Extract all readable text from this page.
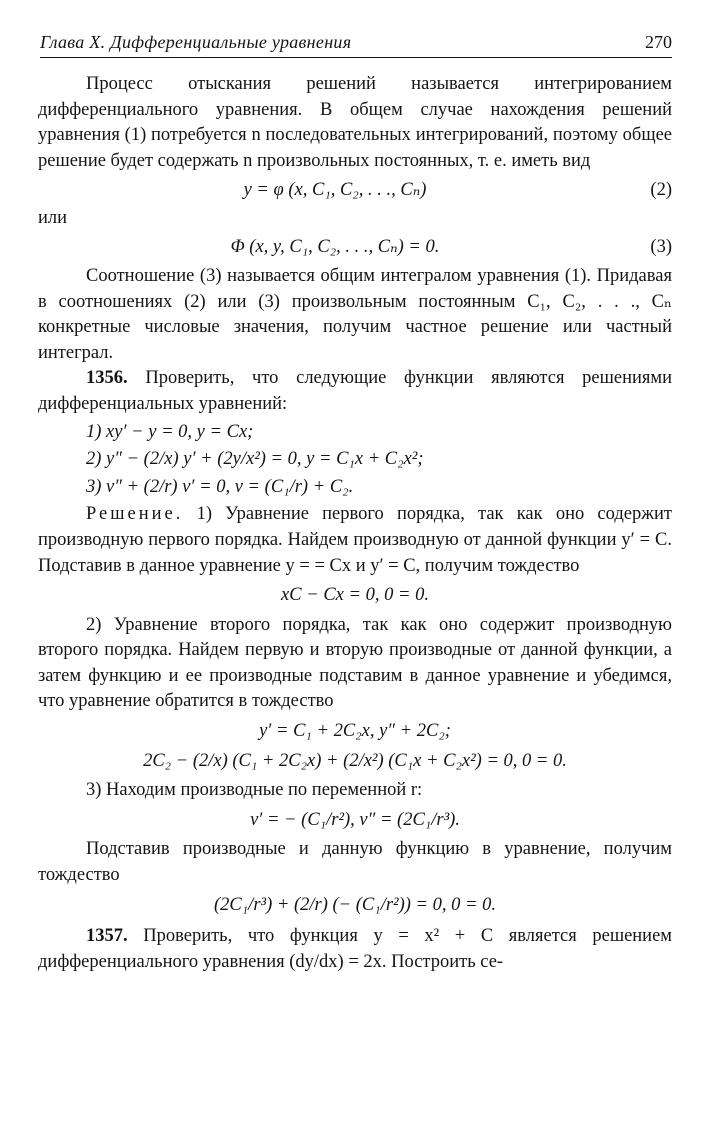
Глава X. Дифференциальные уравнения	270

Процесс отыскания решений называется интегрированием дифференциального уравнения. В общем случае нахождения решений уравнения (1) потребуется n последовательных интегрирований, поэтому общее решение будет содержать n произвольных постоянных, т. е. иметь вид

y = φ (x, C₁, C₂, . . ., Cₙ)	(2)

или

Φ (x, y, C₁, C₂, . . ., Cₙ) = 0.	(3)

Соотношение (3) называется общим интегралом уравнения (1). Придавая в соотношениях (2) или (3) произвольным постоянным C₁, C₂, . . ., Cₙ конкретные числовые значения, получим частное решение или частный интеграл.

1356. Проверить, что следующие функции являются решениями дифференциальных уравнений:

1) xy′ − y = 0, y = Cx;

2) y″ − (2/x) y′ + (2y/x²) = 0, y = C₁x + C₂x²;

3) v″ + (2/r) v′ = 0, v = (C₁/r) + C₂.

Решение. 1) Уравнение первого порядка, так как оно содержит производную первого порядка. Найдем производную от данной функции y′ = C. Подставив в данное уравнение y = = Cx и y′ = C, получим тождество

xC − Cx = 0, 0 = 0.

2) Уравнение второго порядка, так как оно содержит производную второго порядка. Найдем первую и вторую производные от данной функции, а затем функцию и ее производные подставим в данное уравнение и убедимся, что уравнение обратится в тождество

y′ = C₁ + 2C₂x, y″ + 2C₂;

2C₂ − (2/x) (C₁ + 2C₂x) + (2/x²) (C₁x + C₂x²) = 0, 0 = 0.

3) Находим производные по переменной r:

v′ = − (C₁/r²), v″ = (2C₁/r³).

Подставив производные и данную функцию в уравнение, получим тождество

(2C₁/r³) + (2/r) (− (C₁/r²)) = 0, 0 = 0.

1357. Проверить, что функция y = x² + C является решением дифференциального уравнения (dy/dx) = 2x. Построить се-
